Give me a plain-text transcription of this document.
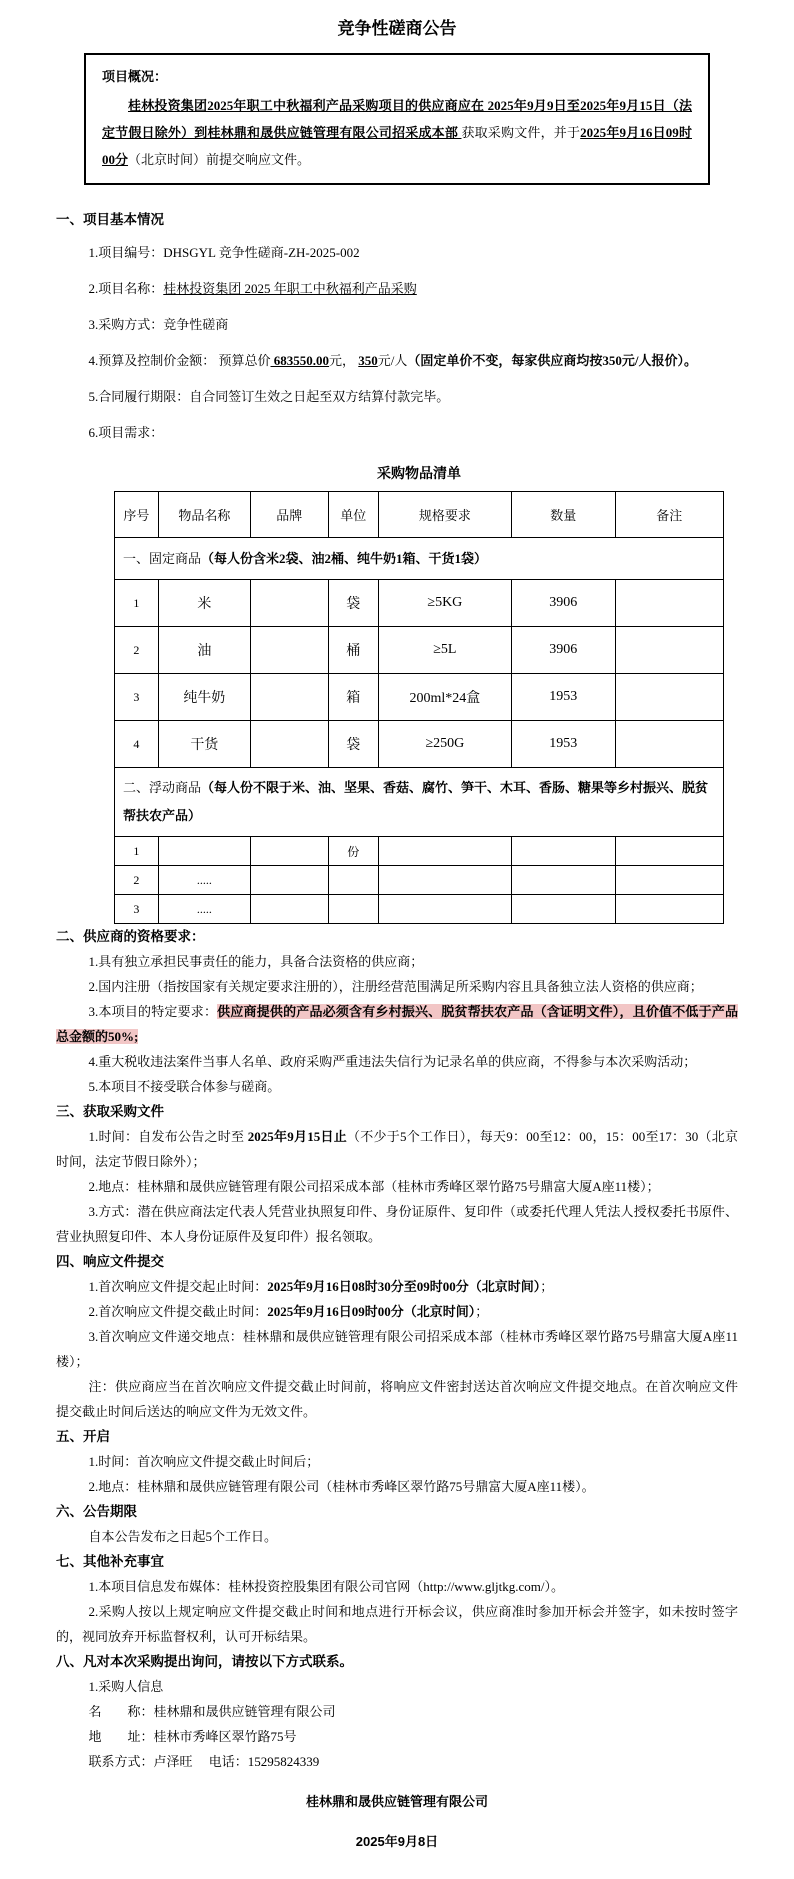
竞争性磋商公告
项目概况：

桂林投资集团2025年职工中秋福利产品采购项目的供应商应在 2025年9月9日至2025年9月15日（法定节假日除外）到桂林鼎和晟供应链管理有限公司招采成本部 获取采购文件，并于2025年9月16日09时00分（北京时间）前提交响应文件。

一、项目基本情况

1.项目编号：DHSGYL 竞争性磋商-ZH-2025-002

2.项目名称：桂林投资集团 2025 年职工中秋福利产品采购

3.采购方式：竞争性磋商

4.预算及控制价金额： 预算总价 683550.00元， 350元/人（固定单价不变，每家供应商均按350元/人报价）。

5.合同履行期限：自合同签订生效之日起至双方结算付款完毕。

6.项目需求：

采购物品清单
序号	物品名称	品牌	单位	规格要求	数量	备注
一、固定商品（每人份含米2袋、油2桶、纯牛奶1箱、干货1袋）						
1	米		袋	≥5KG	3906	
2	油		桶	≥5L	3906	
3	纯牛奶		箱	200ml*24盒	1953	
4	干货		袋	≥250G	1953	
二、浮动商品（每人份不限于米、油、坚果、香菇、腐竹、笋干、木耳、香肠、糖果等乡村振兴、脱贫帮扶农产品）						
1			份			
2	.....					
3	.....					
二、供应商的资格要求：

1.具有独立承担民事责任的能力，具备合法资格的供应商；

2.国内注册（指按国家有关规定要求注册的），注册经营范围满足所采购内容且具备独立法人资格的供应商；

3.本项目的特定要求：供应商提供的产品必须含有乡村振兴、脱贫帮扶农产品（含证明文件），且价值不低于产品总金额的50%;

4.重大税收违法案件当事人名单、政府采购严重违法失信行为记录名单的供应商，不得参与本次采购活动；

5.本项目不接受联合体参与磋商。

三、获取采购文件

1.时间：自发布公告之时至 2025年9月15日止（不少于5个工作日），每天9：00至12：00，15：00至17：30（北京时间，法定节假日除外）；

2.地点：桂林鼎和晟供应链管理有限公司招采成本部（桂林市秀峰区翠竹路75号鼎富大厦A座11楼）；

3.方式：潜在供应商法定代表人凭营业执照复印件、身份证原件、复印件（或委托代理人凭法人授权委托书原件、营业执照复印件、本人身份证原件及复印件）报名领取。

四、响应文件提交

1.首次响应文件提交起止时间：2025年9月16日08时30分至09时00分（北京时间）；

2.首次响应文件提交截止时间：2025年9月16日09时00分（北京时间）；

3.首次响应文件递交地点：桂林鼎和晟供应链管理有限公司招采成本部（桂林市秀峰区翠竹路75号鼎富大厦A座11楼）；

注：供应商应当在首次响应文件提交截止时间前，将响应文件密封送达首次响应文件提交地点。在首次响应文件提交截止时间后送达的响应文件为无效文件。

五、开启

1.时间：首次响应文件提交截止时间后；

2.地点：桂林鼎和晟供应链管理有限公司（桂林市秀峰区翠竹路75号鼎富大厦A座11楼）。

六、公告期限

自本公告发布之日起5个工作日。

七、其他补充事宜

1.本项目信息发布媒体：桂林投资控股集团有限公司官网（http://www.gljtkg.com/）。

2.采购人按以上规定响应文件提交截止时间和地点进行开标会议，供应商准时参加开标会并签字，如未按时签字的，视同放弃开标监督权利，认可开标结果。

八、凡对本次采购提出询问，请按以下方式联系。

1.采购人信息

名　　称：桂林鼎和晟供应链管理有限公司

地　　址：桂林市秀峰区翠竹路75号

联系方式：卢泽旺　 电话：15295824339

桂林鼎和晟供应链管理有限公司
2025年9月8日
